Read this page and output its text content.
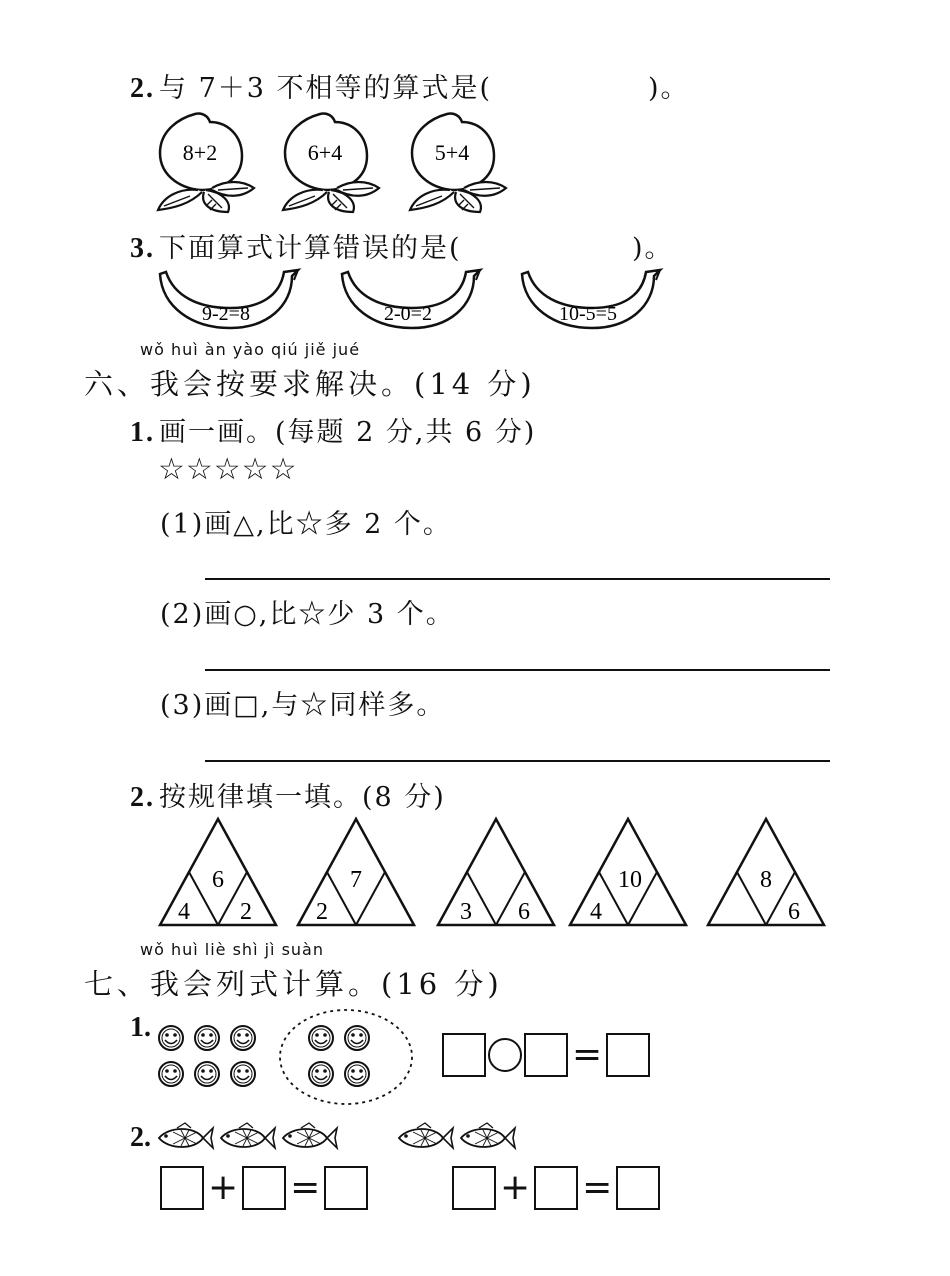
2. 与 7＋3 不相等的算式是(	)。
8+2	6+4	5+4
3. 下面算式计算错误的是(	)。
9-2=8	2-0=2	10-5=5
wǒ huì àn yào qiú jiě jué
六、我会按要求解决。(14 分)
1. 画一画。(每题 2 分,共 6 分)
☆☆☆☆☆
(1)画△,比☆多 2 个。
(2)画○,比☆少 3 个。
(3)画□,与☆同样多。
2. 按规律填一填。(8 分)
6
4 2
7
2	3 6
10
4
8
6
wǒ huì liè shì jì suàn
七、我会列式计算。(16 分)
1.
=
2.
+ =	+ =
